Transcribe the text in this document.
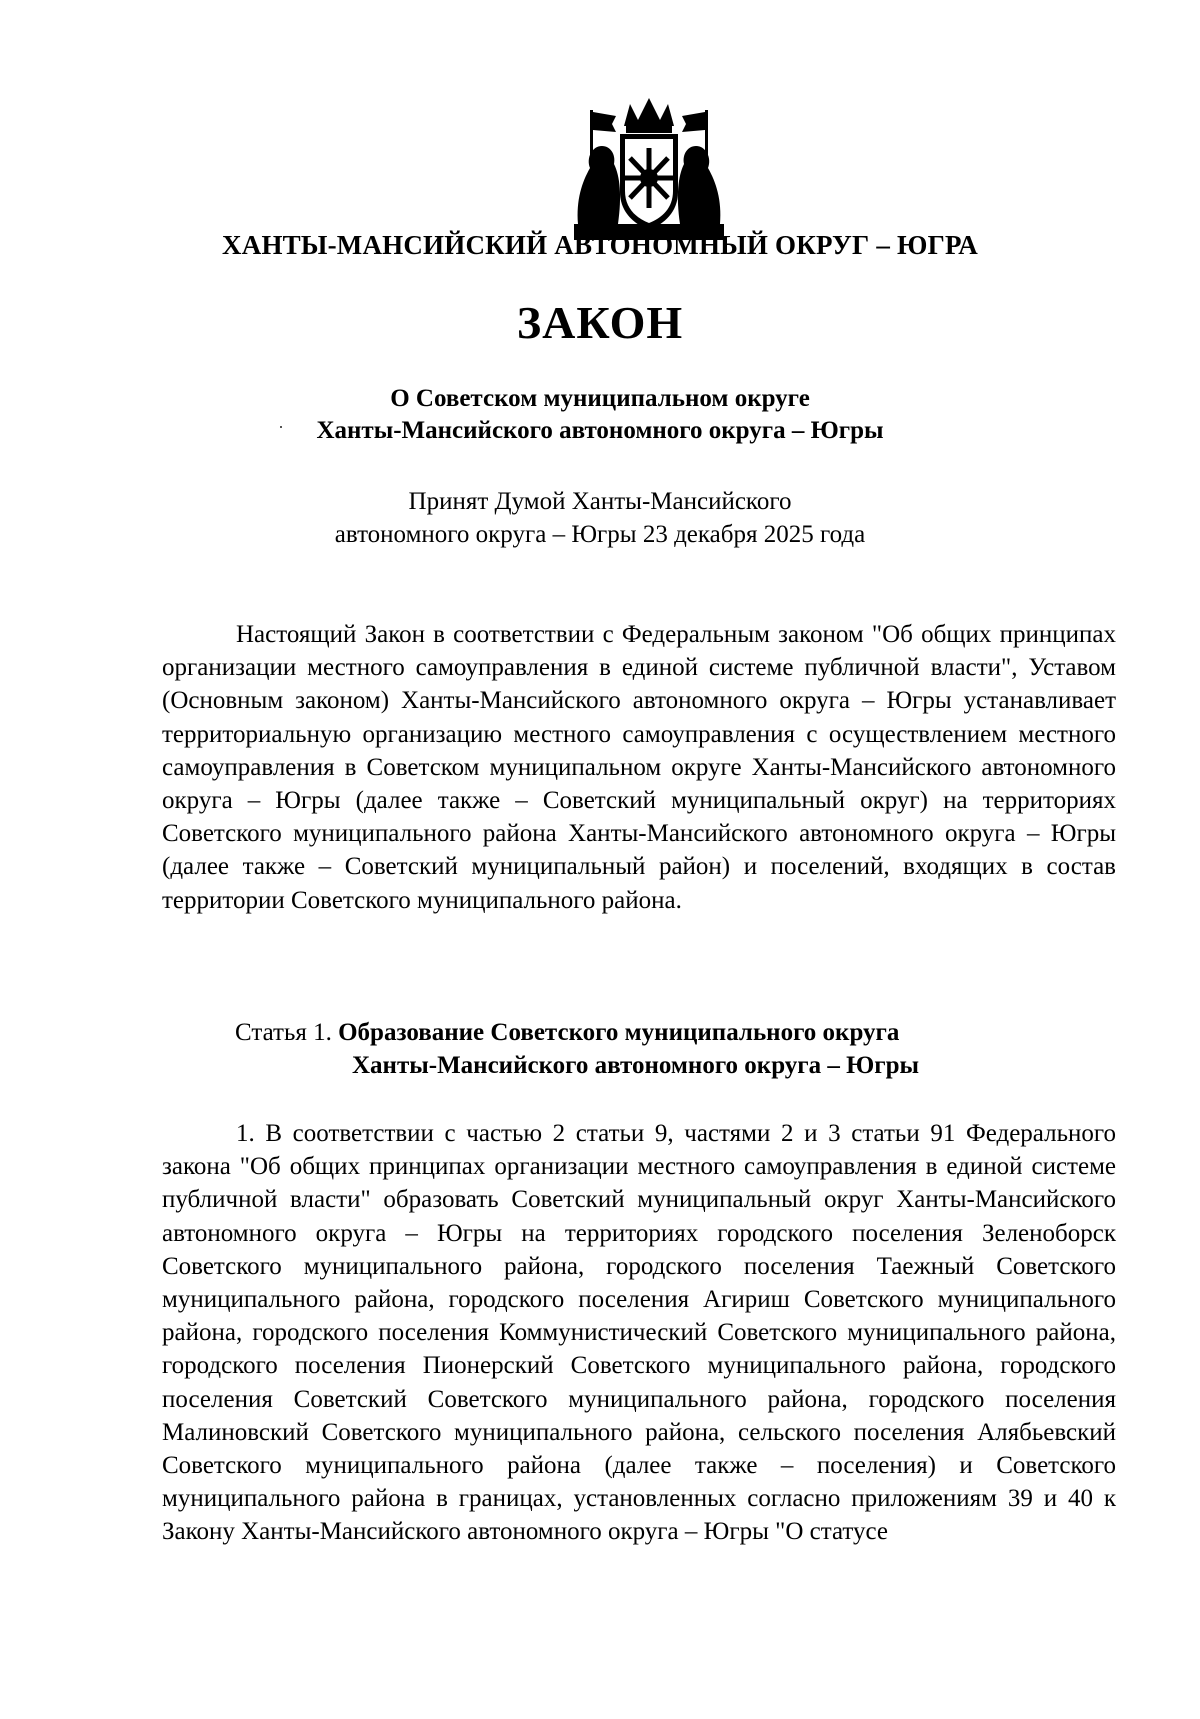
ХАНТЫ-МАНСИЙСКИЙ АВТОНОМНЫЙ ОКРУГ – ЮГРА
ЗАКОН
О Советском муниципальном округе
Ханты-Мансийского автономного округа – Югры
Принят Думой Ханты-Мансийского
автономного округа – Югры 23 декабря 2025 года

Настоящий Закон в соответствии с Федеральным законом "Об общих принципах организации местного самоуправления в единой системе публичной власти", Уставом (Основным законом) Ханты-Мансийского автономного округа – Югры устанавливает территориальную организацию местного самоуправления с осуществлением местного самоуправления в Советском муниципальном округе Ханты-Мансийского автономного округа – Югры (далее также – Советский муниципальный округ) на территориях Советского муниципального района Ханты-Мансийского автономного округа – Югры (далее также – Советский муниципальный район) и поселений, входящих в состав территории Советского муниципального района.

Статья 1. Образование Советского муниципального округа
Ханты-Мансийского автономного округа – Югры

1. В соответствии с частью 2 статьи 9, частями 2 и 3 статьи 91 Федерального закона "Об общих принципах организации местного самоуправления в единой системе публичной власти" образовать Советский муниципальный округ Ханты-Мансийского автономного округа – Югры на территориях городского поселения Зеленоборск Советского муниципального района, городского поселения Таежный Советского муниципального района, городского поселения Агириш Советского муниципального района, городского поселения Коммунистический Советского муниципального района, городского поселения Пионерский Советского муниципального района, городского поселения Советский Советского муниципального района, городского поселения Малиновский Советского муниципального района, сельского поселения Алябьевский Советского муниципального района (далее также – поселения) и Советского муниципального района в границах, установленных согласно приложениям 39 и 40 к Закону Ханты-Мансийского автономного округа – Югры "О статусе
